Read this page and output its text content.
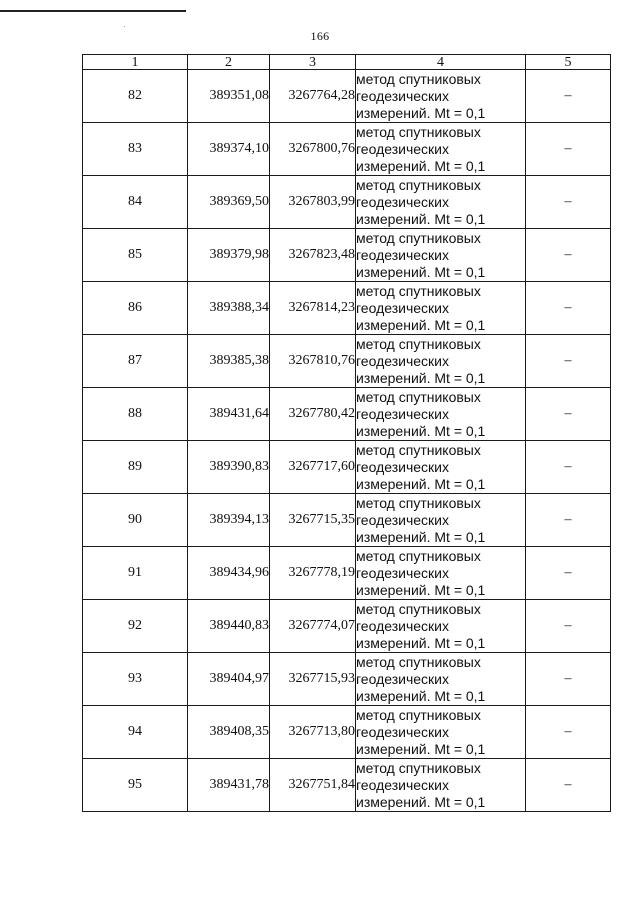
166
1	2	3	4	5
82	389351,08	3267764,28	метод спутниковых
геодезических
измерений. Mt = 0,1	–
83	389374,10	3267800,76	метод спутниковых
геодезических
измерений. Mt = 0,1	–
84	389369,50	3267803,99	метод спутниковых
геодезических
измерений. Mt = 0,1	–
85	389379,98	3267823,48	метод спутниковых
геодезических
измерений. Mt = 0,1	–
86	389388,34	3267814,23	метод спутниковых
геодезических
измерений. Mt = 0,1	–
87	389385,38	3267810,76	метод спутниковых
геодезических
измерений. Mt = 0,1	–
88	389431,64	3267780,42	метод спутниковых
геодезических
измерений. Mt = 0,1	–
89	389390,83	3267717,60	метод спутниковых
геодезических
измерений. Mt = 0,1	–
90	389394,13	3267715,35	метод спутниковых
геодезических
измерений. Mt = 0,1	–
91	389434,96	3267778,19	метод спутниковых
геодезических
измерений. Mt = 0,1	–
92	389440,83	3267774,07	метод спутниковых
геодезических
измерений. Mt = 0,1	–
93	389404,97	3267715,93	метод спутниковых
геодезических
измерений. Mt = 0,1	–
94	389408,35	3267713,80	метод спутниковых
геодезических
измерений. Mt = 0,1	–
95	389431,78	3267751,84	метод спутниковых
геодезических
измерений. Mt = 0,1	–
